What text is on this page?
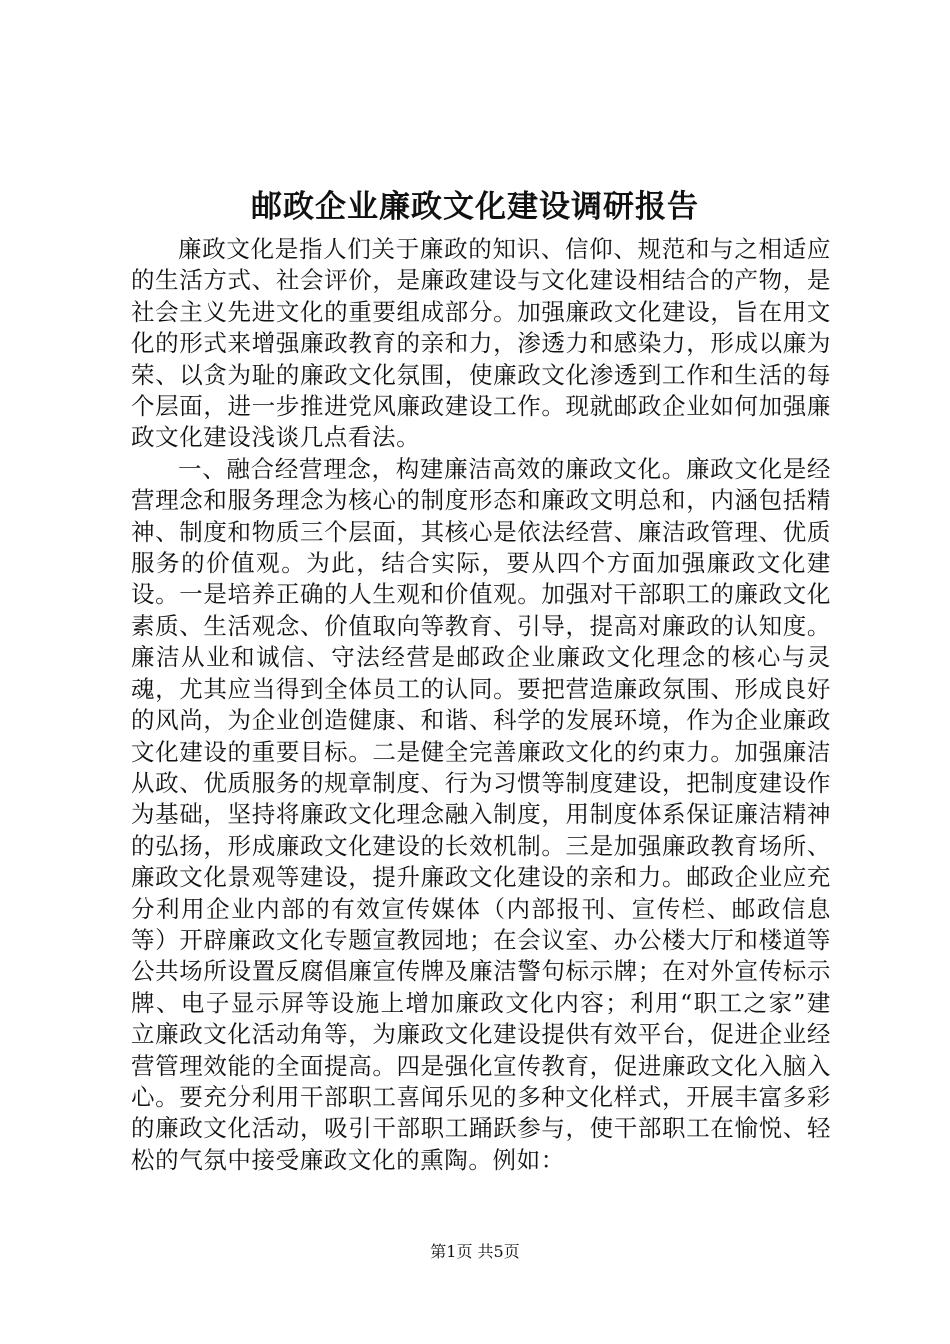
邮政企业廉政文化建设调研报告

廉政文化是指人们关于廉政的知识、信仰、规范和与之相适应的生活方式、社会评价，是廉政建设与文化建设相结合的产物，是社会主义先进文化的重要组成部分。加强廉政文化建设，旨在用文化的形式来增强廉政教育的亲和力，渗透力和感染力，形成以廉为荣、以贪为耻的廉政文化氛围，使廉政文化渗透到工作和生活的每个层面，进一步推进党风廉政建设工作。现就邮政企业如何加强廉政文化建设浅谈几点看法。

一、融合经营理念，构建廉洁高效的廉政文化。廉政文化是经营理念和服务理念为核心的制度形态和廉政文明总和，内涵包括精神、制度和物质三个层面，其核心是依法经营、廉洁政管理、优质服务的价值观。为此，结合实际，要从四个方面加强廉政文化建设。一是培养正确的人生观和价值观。加强对干部职工的廉政文化素质、生活观念、价值取向等教育、引导，提高对廉政的认知度。廉洁从业和诚信、守法经营是邮政企业廉政文化理念的核心与灵魂，尤其应当得到全体员工的认同。要把营造廉政氛围、形成良好的风尚，为企业创造健康、和谐、科学的发展环境，作为企业廉政文化建设的重要目标。二是健全完善廉政文化的约束力。加强廉洁从政、优质服务的规章制度、行为习惯等制度建设，把制度建设作为基础，坚持将廉政文化理念融入制度，用制度体系保证廉洁精神的弘扬，形成廉政文化建设的长效机制。三是加强廉政教育场所、廉政文化景观等建设，提升廉政文化建设的亲和力。邮政企业应充分利用企业内部的有效宣传媒体（内部报刊、宣传栏、邮政信息等）开辟廉政文化专题宣教园地；在会议室、办公楼大厅和楼道等公共场所设置反腐倡廉宣传牌及廉洁警句标示牌；在对外宣传标示牌、电子显示屏等设施上增加廉政文化内容；利用“职工之家”建立廉政文化活动角等，为廉政文化建设提供有效平台，促进企业经营管理效能的全面提高。四是强化宣传教育，促进廉政文化入脑入心。要充分利用干部职工喜闻乐见的多种文化样式，开展丰富多彩的廉政文化活动，吸引干部职工踊跃参与，使干部职工在愉悦、轻松的气氛中接受廉政文化的熏陶。例如：

第1页 共5页
